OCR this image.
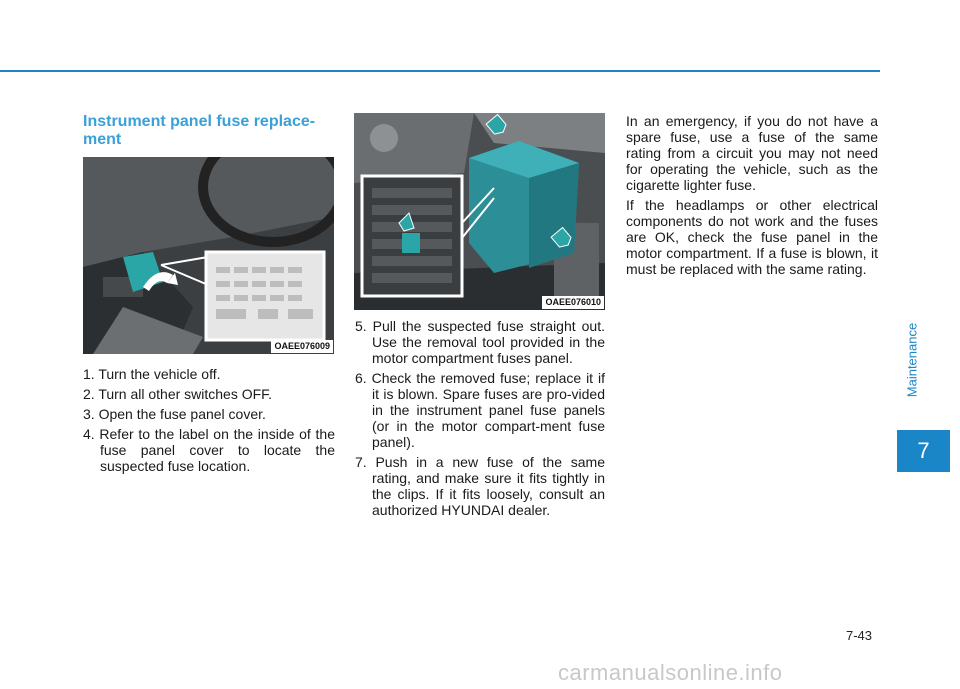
Instrument panel fuse replace-
ment
OAEE076009
OAEE076010
1. Turn the vehicle off.
2. Turn all other switches OFF.
3. Open the fuse panel cover.
4. Refer to the label on the inside of the fuse panel cover to locate the suspected fuse location.
5. Pull the suspected fuse straight out. Use the removal tool provided in the motor compartment fuses panel.
6. Check the removed fuse; replace it if it is blown. Spare fuses are pro-vided in the instrument panel fuse panels (or in the motor compart-ment fuse panel).
7. Push in a new fuse of the same rating, and make sure it fits tightly in the clips. If it fits loosely, consult an authorized HYUNDAI dealer.

In an emergency, if you do not have a spare fuse, use a fuse of the same rating from a circuit you may not need for operating the vehicle, such as the cigarette lighter fuse.

If the headlamps or other electrical components do not work and the fuses are OK, check the fuse panel in the motor compartment. If a fuse is blown, it must be replaced with the same rating.

Maintenance
7
7-43
carmanualsonline.info
